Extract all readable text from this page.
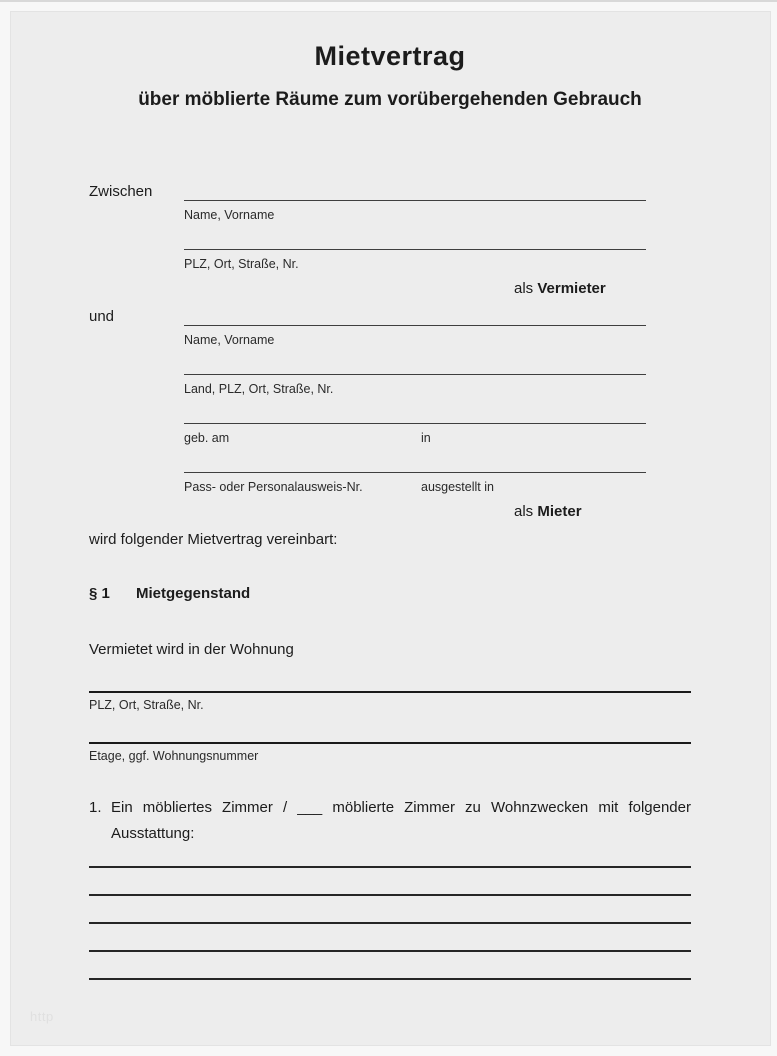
Mietvertrag
über möblierte Räume zum vorübergehenden Gebrauch
Zwischen
Name, Vorname
PLZ, Ort, Straße, Nr.
als Vermieter
und
Name, Vorname
Land, PLZ, Ort, Straße, Nr.
geb. am	in
Pass- oder Personalausweis-Nr.	ausgestellt in
als Mieter

wird folgender Mietvertrag vereinbart:

§ 1 Mietgegenstand

Vermietet wird in der Wohnung

PLZ, Ort, Straße, Nr.
Etage, ggf. Wohnungsnummer
1. Ein möbliertes Zimmer / ___ möblierte Zimmer zu Wohnzwecken mit folgender Ausstattung:
http
